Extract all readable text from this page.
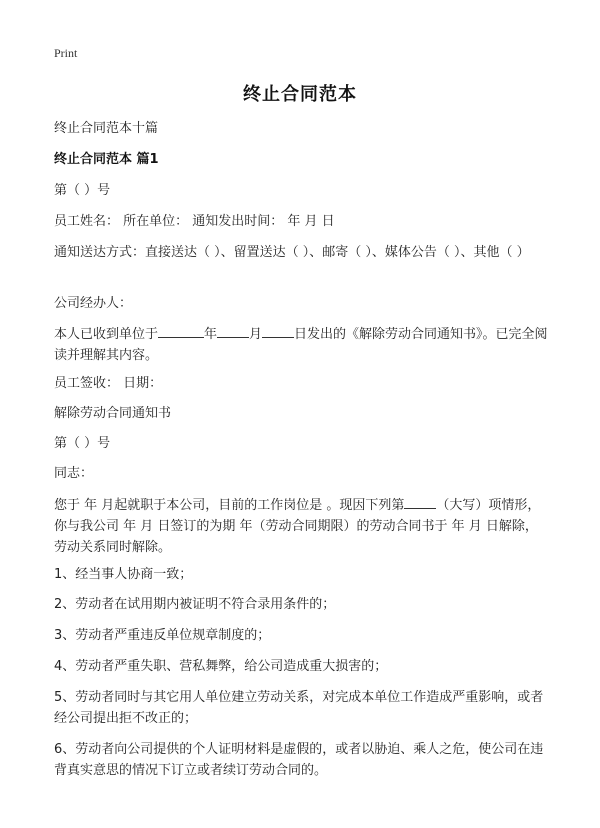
Print
终止合同范本
终止合同范本十篇
终止合同范本 篇1
第（ ）号
员工姓名： 所在单位： 通知发出时间： 年 月 日
通知送达方式：直接送达（ ）、留置送达（ ）、邮寄（ ）、媒体公告（ ）、其他（ ）
公司经办人：
本人已收到单位于	年 月 日发出的《解除劳动合同通知书》。已完全阅读并理解其内容。
员工签收： 日期：
解除劳动合同通知书
第（ ）号
同志：
您于 年 月起就职于本公司，目前的工作岗位是 。现因下列第 （大写）项情形，你与我公司 年 月 日签订的为期 年（劳动合同期限）的劳动合同书于 年 月 日解除，劳动关系同时解除。
1、经当事人协商一致；
2、劳动者在试用期内被证明不符合录用条件的；
3、劳动者严重违反单位规章制度的；
4、劳动者严重失职、营私舞弊，给公司造成重大损害的；
5、劳动者同时与其它用人单位建立劳动关系，对完成本单位工作造成严重影响，或者经公司提出拒不改正的；
6、劳动者向公司提供的个人证明材料是虚假的，或者以胁迫、乘人之危，使公司在违背真实意思的情况下订立或者续订劳动合同的。
